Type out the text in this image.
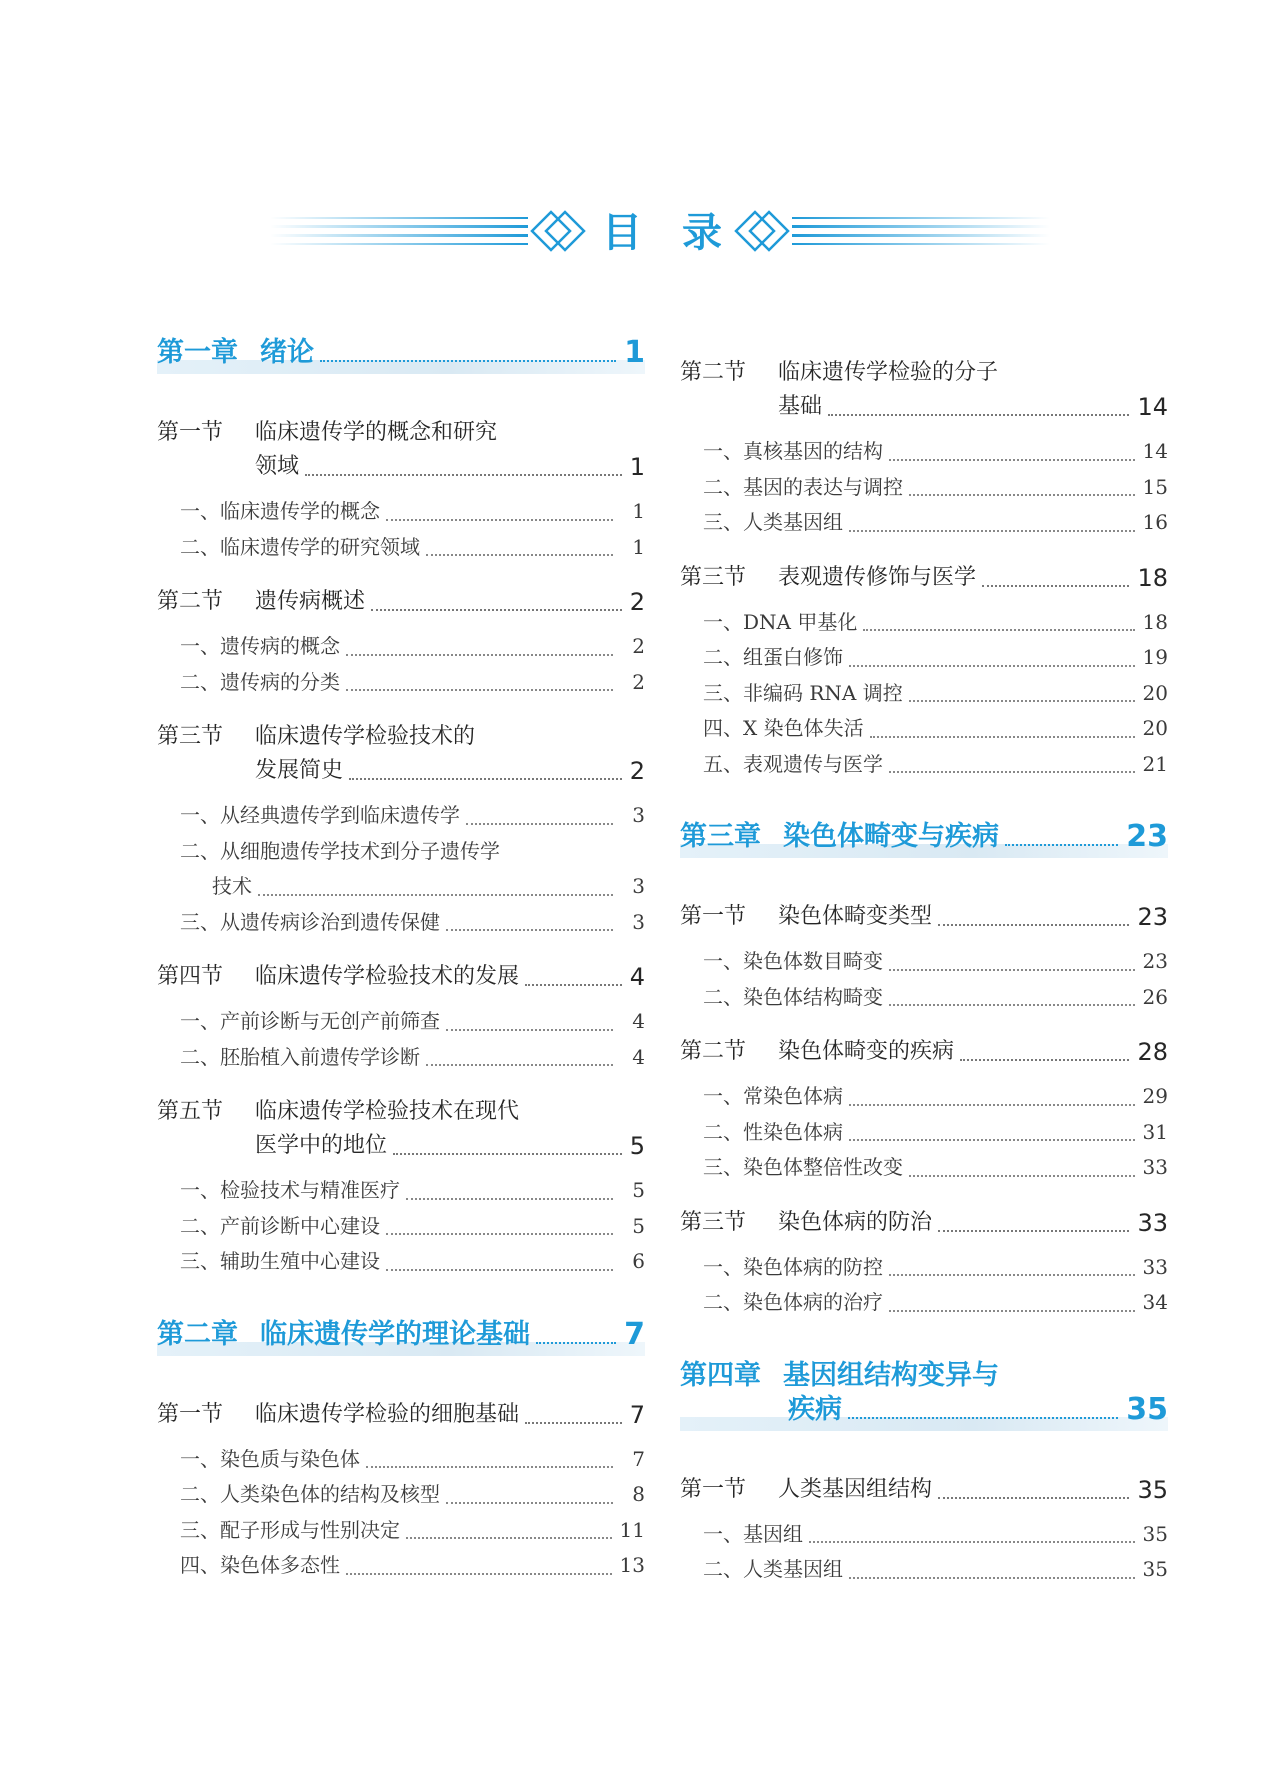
目　录
第一章 绪论	1
第一节 临床遗传学的概念和研究
领域	1
一、临床遗传学的概念	1
二、临床遗传学的研究领域	1
第二节 遗传病概述	2
一、遗传病的概念	2
二、遗传病的分类	2
第三节 临床遗传学检验技术的
发展简史	2
一、从经典遗传学到临床遗传学	3
二、从细胞遗传学技术到分子遗传学
技术	3
三、从遗传病诊治到遗传保健	3
第四节 临床遗传学检验技术的发展	4
一、产前诊断与无创产前筛查	4
二、胚胎植入前遗传学诊断	4
第五节 临床遗传学检验技术在现代
医学中的地位	5
一、检验技术与精准医疗	5
二、产前诊断中心建设	5
三、辅助生殖中心建设	6
第二章 临床遗传学的理论基础	7
第一节 临床遗传学检验的细胞基础	7
一、染色质与染色体	7
二、人类染色体的结构及核型	8
三、配子形成与性别决定	11
四、染色体多态性	13
第二节 临床遗传学检验的分子
基础	14
一、真核基因的结构	14
二、基因的表达与调控	15
三、人类基因组	16
第三节 表观遗传修饰与医学	18
一、DNA 甲基化	18
二、组蛋白修饰	19
三、非编码 RNA 调控	20
四、X 染色体失活	20
五、表观遗传与医学	21
第三章 染色体畸变与疾病	23
第一节 染色体畸变类型	23
一、染色体数目畸变	23
二、染色体结构畸变	26
第二节 染色体畸变的疾病	28
一、常染色体病	29
二、性染色体病	31
三、染色体整倍性改变	33
第三节 染色体病的防治	33
一、染色体病的防控	33
二、染色体病的治疗	34
第四章 基因组结构变异与
疾病	35
第一节 人类基因组结构	35
一、基因组	35
二、人类基因组	35
